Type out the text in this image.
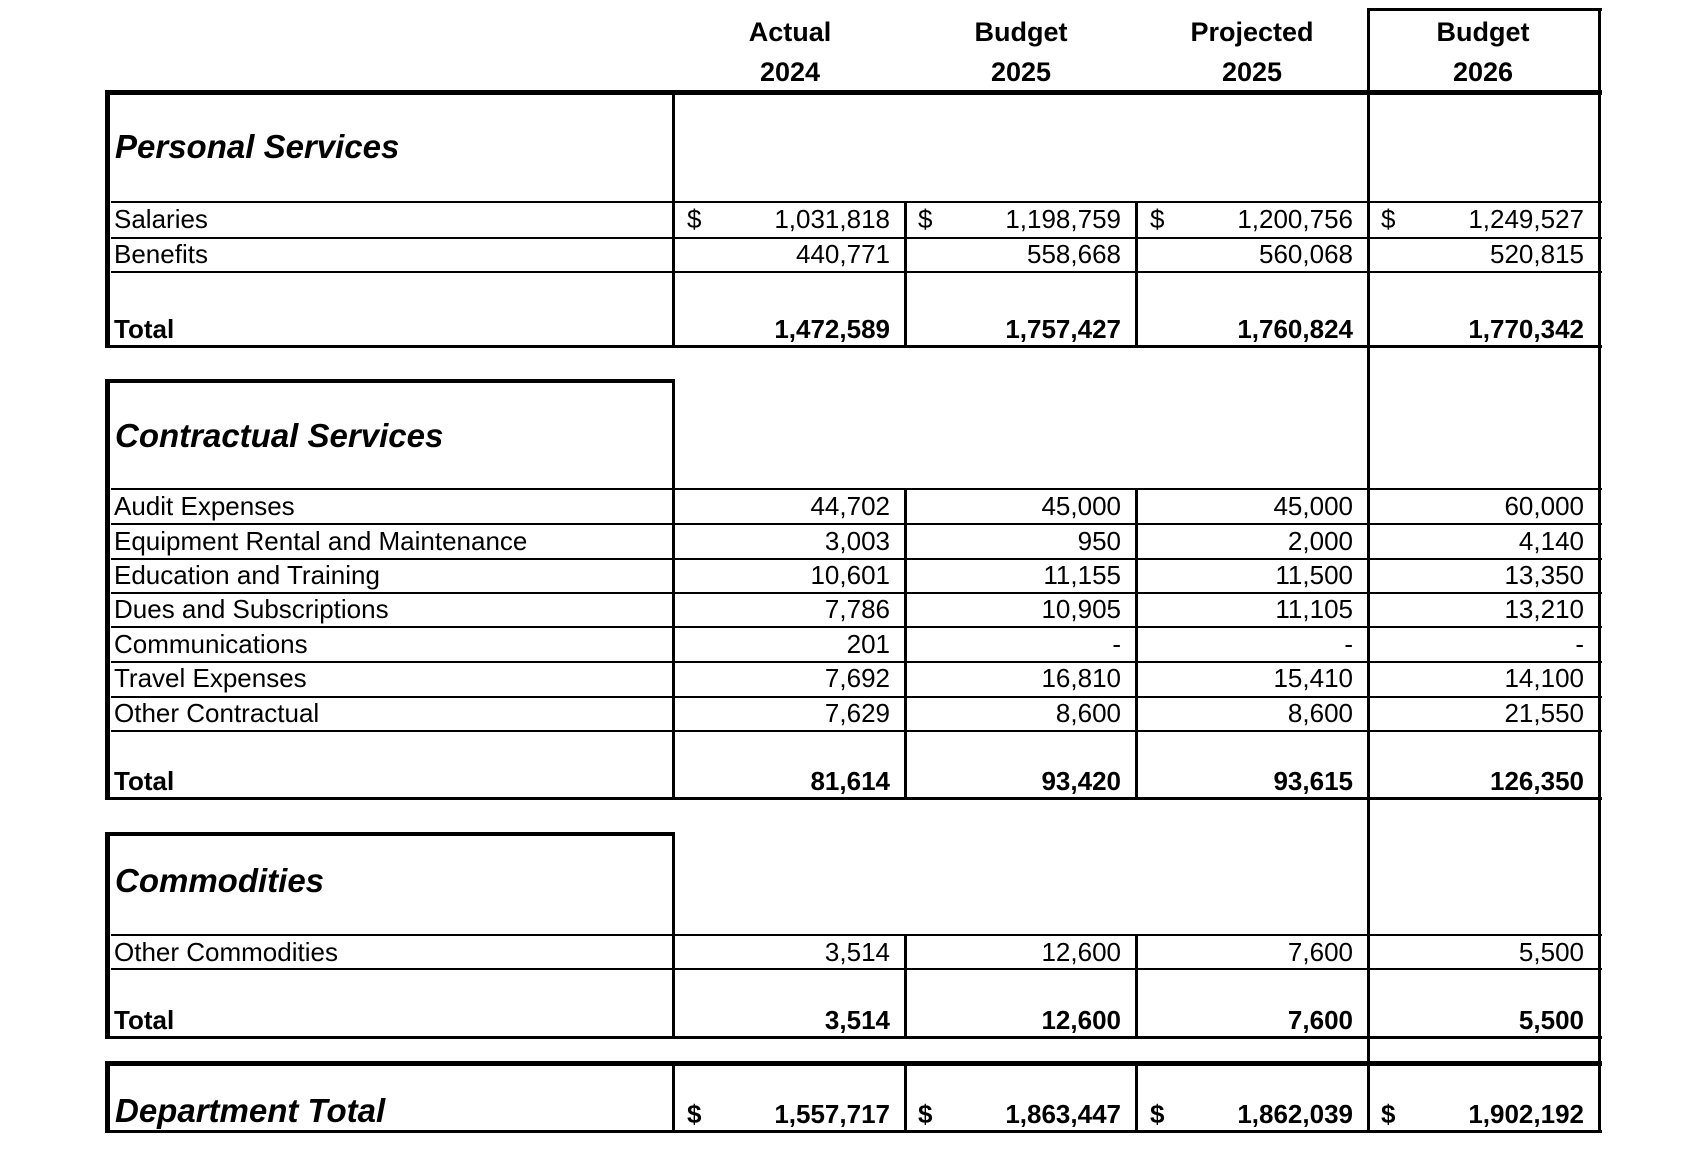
Actual
2024
Budget
2025
Projected
2025
Budget
2026
Personal Services
Salaries	$	1,031,818 $	1,198,759 $	1,200,756 $	1,249,527
Benefits	440,771	558,668	560,068	520,815
Total	1,472,589	1,757,427	1,760,824	1,770,342
Contractual Services
Audit Expenses	44,702	45,000	45,000	60,000
Equipment Rental and Maintenance	3,003	950	2,000	4,140
Education and Training	10,601	11,155	11,500	13,350
Dues and Subscriptions	7,786	10,905	11,105	13,210
Communications	201	-	-	-
Travel Expenses	7,692	16,810	15,410	14,100
Other Contractual	7,629	8,600	8,600	21,550
Total	81,614	93,420	93,615	126,350
Commodities
Other Commodities	3,514	12,600	7,600	5,500
Total	3,514	12,600	7,600	5,500
Department Total	$	1,557,717 $	1,863,447 $	1,862,039 $	1,902,192
